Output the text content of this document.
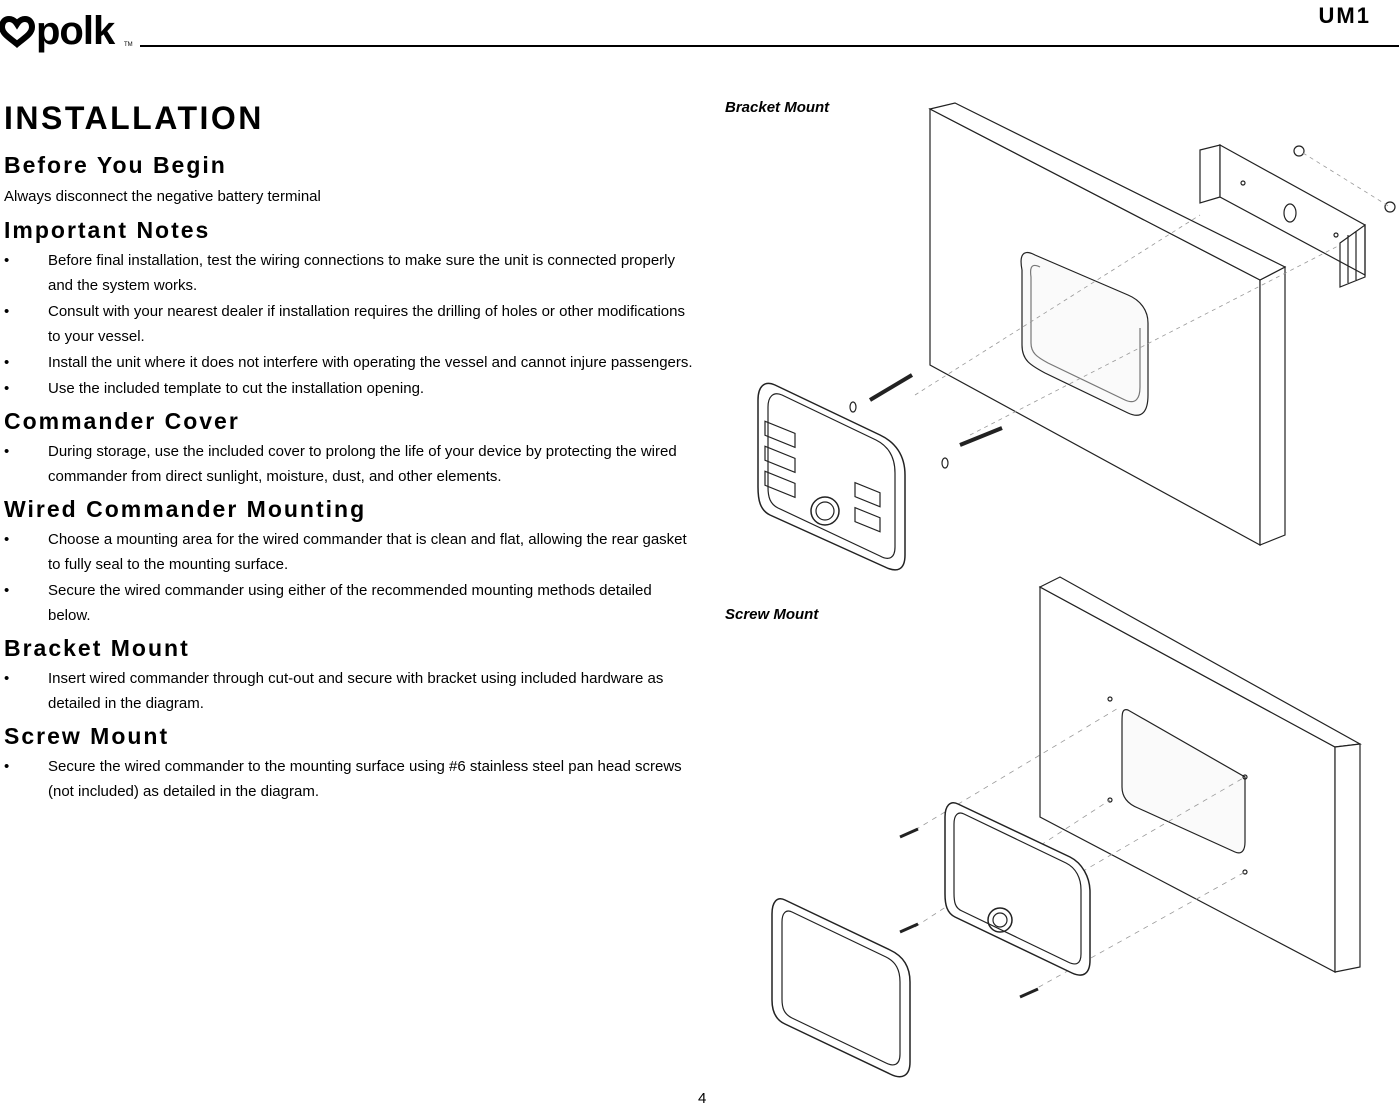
polk TM
UM1
INSTALLATION
Before You Begin

Always disconnect the negative battery terminal

Important Notes
• Before final installation, test the wiring connections to make sure the unit is connected properly and the system works.
• Consult with your nearest dealer if installation requires the drilling of holes or other modifications to your vessel.
• Install the unit where it does not interfere with operating the vessel and cannot injure passengers.
• Use the included template to cut the installation opening.
Commander Cover
• During storage, use the included cover to prolong the life of your device by protecting the wired commander from direct sunlight, moisture, dust, and other elements.
Wired Commander Mounting
• Choose a mounting area for the wired commander that is clean and flat, allowing the rear gasket to fully seal to the mounting surface.
• Secure the wired commander using either of the recommended mounting methods detailed below.
Bracket Mount
• Insert wired commander through cut-out and secure with bracket using included hardware as detailed in the diagram.
Screw Mount
• Secure the wired commander to the mounting surface using #6 stainless steel pan head screws (not included) as detailed in the diagram.
Bracket Mount
Screw Mount
4
